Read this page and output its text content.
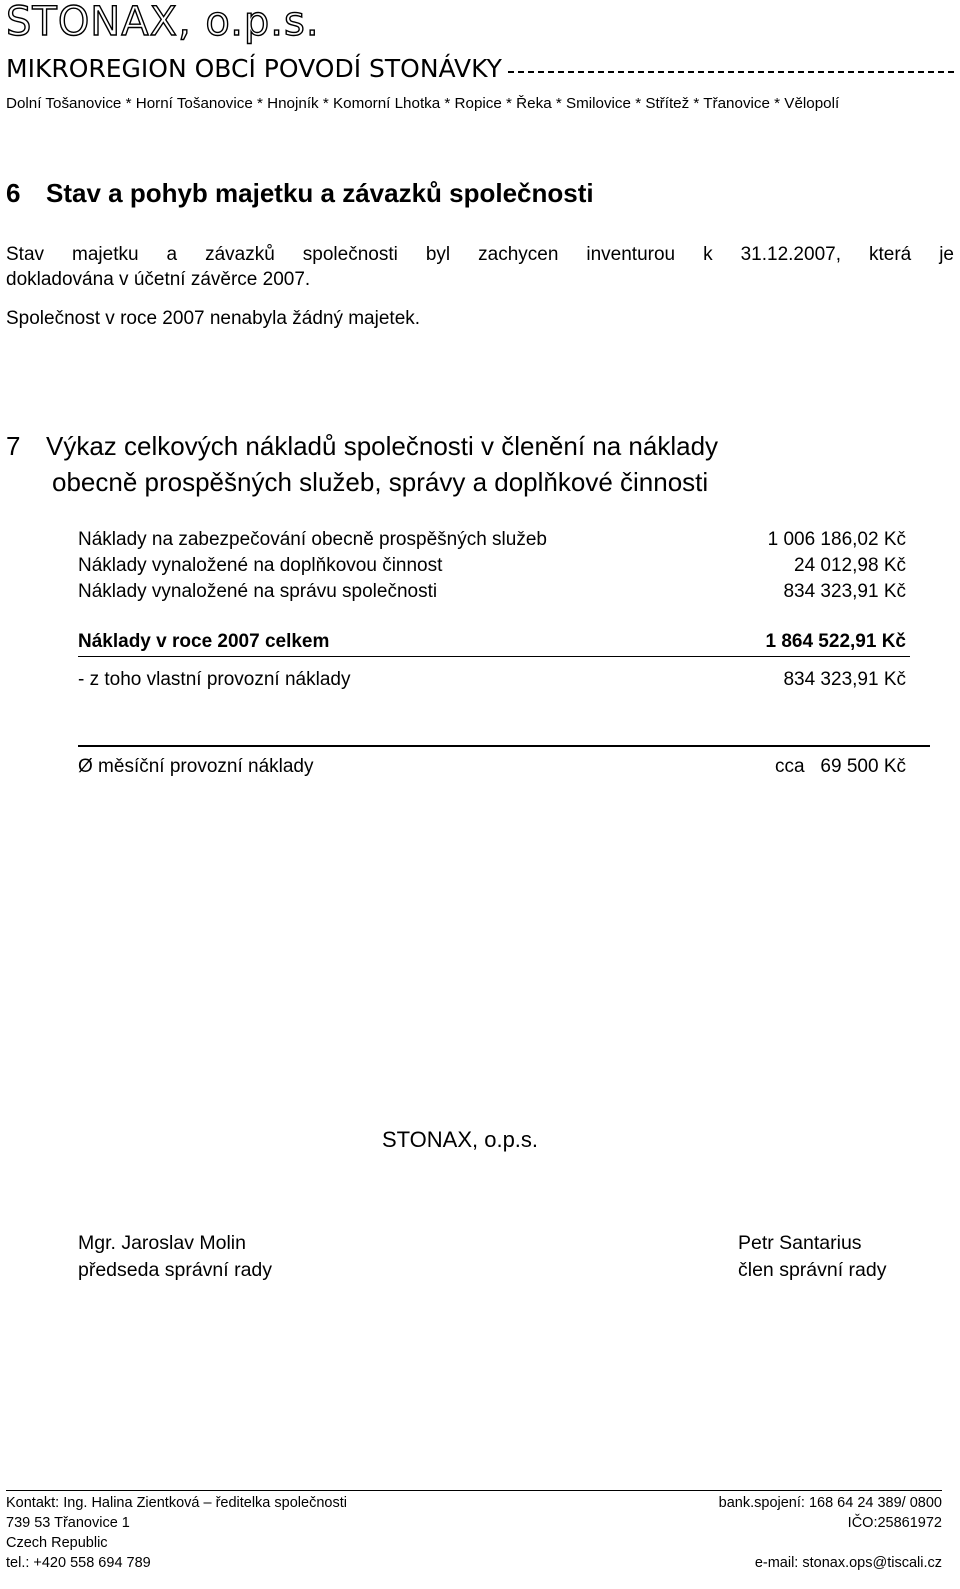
STONAX, o.p.s.
MIKROREGION OBCÍ POVODÍ STONÁVKY
Dolní Tošanovice * Horní Tošanovice * Hnojník * Komorní Lhotka * Ropice * Řeka * Smilovice * Střítež * Třanovice * Vělopolí
6 Stav a pohyb majetku a závazků společnosti
Stav majetku a závazků společnosti byl zachycen inventurou k 31.12.2007, která je
dokladována v účetní závěrce 2007.
Společnost v roce 2007 nenabyla žádný majetek.
7 Výkaz celkových nákladů společnosti v členění na náklady
obecně prospěšných služeb, správy a doplňkové činnosti
Náklady na zabezpečování obecně prospěšných služeb	1 006 186,02 Kč
Náklady vynaložené na doplňkovou činnost	24 012,98 Kč
Náklady vynaložené na správu společnosti	834 323,91 Kč
Náklady v roce 2007 celkem	1 864 522,91 Kč
- z toho vlastní provozní náklady	834 323,91 Kč
Ø měsíční provozní náklady	cca   69 500 Kč
STONAX, o.p.s.
Mgr. Jaroslav Molin
předseda správní rady
Petr Santarius
člen správní rady
Kontakt: Ing. Halina Zientková – ředitelka společnosti	bank.spojení: 168 64 24 389/ 0800
739 53 Třanovice 1	IČO:25861972
Czech Republic
tel.: +420 558 694 789	e-mail: stonax.ops@tiscali.cz
